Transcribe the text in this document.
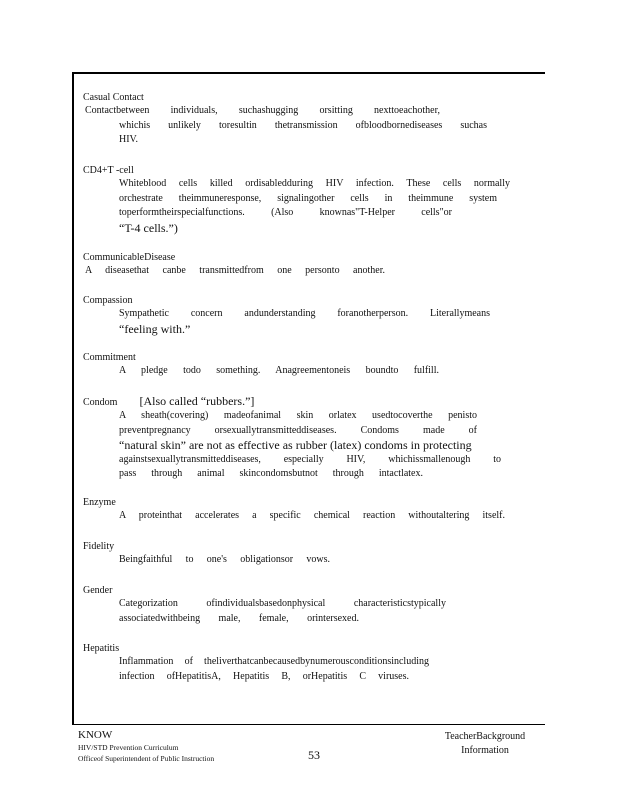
Casual Contact
Contactbetween individuals, suchashugging orsitting nexttoeachother,
whichis unlikely toresultin thetransmission ofbloodbornediseases suchas
HIV.
CD4+T -cell
Whiteblood cells killed ordisabledduring HIV infection. These cells normally
orchestrate theimmuneresponse, signalingother cells in theimmune system
toperformtheirspecialfunctions. (Also knownas"T-Helper cells"or
“T-4 cells.”)
CommunicableDisease
A diseasethat canbe transmittedfrom one personto another.
Compassion
Sympathetic concern andunderstanding foranotherperson. Literallymeans
“feeling with.”
Commitment
A pledge todo something. Anagreementoneis boundto fulfill.
Condom [Also called “rubbers.”]
A sheath(covering) madeofanimal skin orlatex usedtocoverthe penisto
preventpregnancy orsexuallytransmitteddiseases. Condoms made of
“natural skin” are not as effective as rubber (latex) condoms in protecting
againstsexuallytransmitteddiseases, especially HIV, whichissmallenough to
pass through animal skincondomsbutnot through intactlatex.
Enzyme
A proteinthat accelerates a specific chemical reaction withoutaltering itself.
Fidelity
Beingfaithful to one's obligationsor vows.
Gender
Categorization ofindividualsbasedonphysical characteristicstypically
associatedwithbeing male, female, orintersexed.
Hepatitis
Inflammation of theliverthatcanbecausedbynumerousconditionsincluding
infection ofHepatitisA, Hepatitis B, orHepatitis C viruses.
KNOW
HIV/STD Prevention Curriculum
Officeof Superintendent of Public Instruction	53
TeacherBackground
Information
